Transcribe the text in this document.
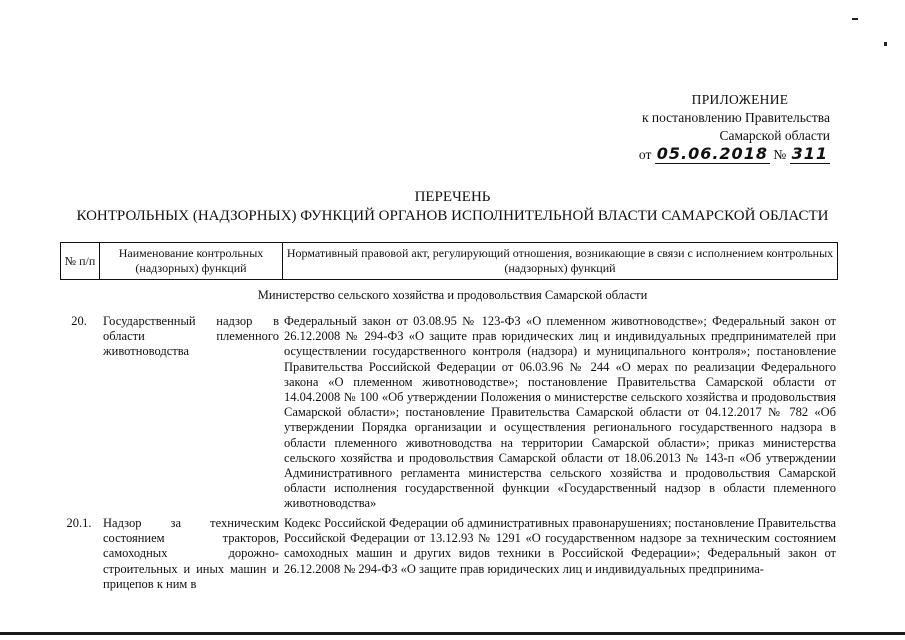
ПРИЛОЖЕНИЕ
к постановлению Правительства
Самарской области
от 05.06.2018 № 311
ПЕРЕЧЕНЬ
КОНТРОЛЬНЫХ (НАДЗОРНЫХ) ФУНКЦИЙ ОРГАНОВ ИСПОЛНИТЕЛЬНОЙ ВЛАСТИ САМАРСКОЙ ОБЛАСТИ
№ п/п
Наименование контрольных (надзорных) функций
Нормативный правовой акт, регулирующий отношения, возникающие в связи с исполнением контрольных (надзорных) функций
Министерство сельского хозяйства и продовольствия Самарской области
20.	Государственный надзор в области племенного животноводства
Федеральный закон от 03.08.95 № 123-ФЗ «О племенном животноводстве»; Федеральный закон от 26.12.2008 № 294-ФЗ «О защите прав юридических лиц и индивидуальных предпринимателей при осуществлении государственного контроля (надзора) и муниципального контроля»; постановление Правительства Российской Федерации от 06.03.96 № 244 «О мерах по реализации Федерального закона «О племенном животноводстве»; постановление Правительства Самарской области от 14.04.2008 № 100 «Об утверждении Положения о министерстве сельского хозяйства и продовольствия Самарской области»; постановление Правительства Самарской области от 04.12.2017 № 782 «Об утверждении Порядка организации и осуществления регионального государственного надзора в области племенного животноводства на территории Самарской области»; приказ министерства сельского хозяйства и продовольствия Самарской области от 18.06.2013 № 143-п «Об утверждении Административного регламента министерства сельского хозяйства и продовольствия Самарской области исполнения государственной функции «Государственный надзор в области племенного животноводства»
20.1. Надзор за техническим состоянием тракторов, самоходных дорожно-строительных и иных машин и прицепов к ним в
Кодекс Российской Федерации об административных правонарушениях; постановление Правительства Российской Федерации от 13.12.93 № 1291 «О государственном надзоре за техническим состоянием самоходных машин и других видов техники в Российской Федерации»; Федеральный закон от 26.12.2008 № 294-ФЗ «О защите прав юридических лиц и индивидуальных предпринима-
